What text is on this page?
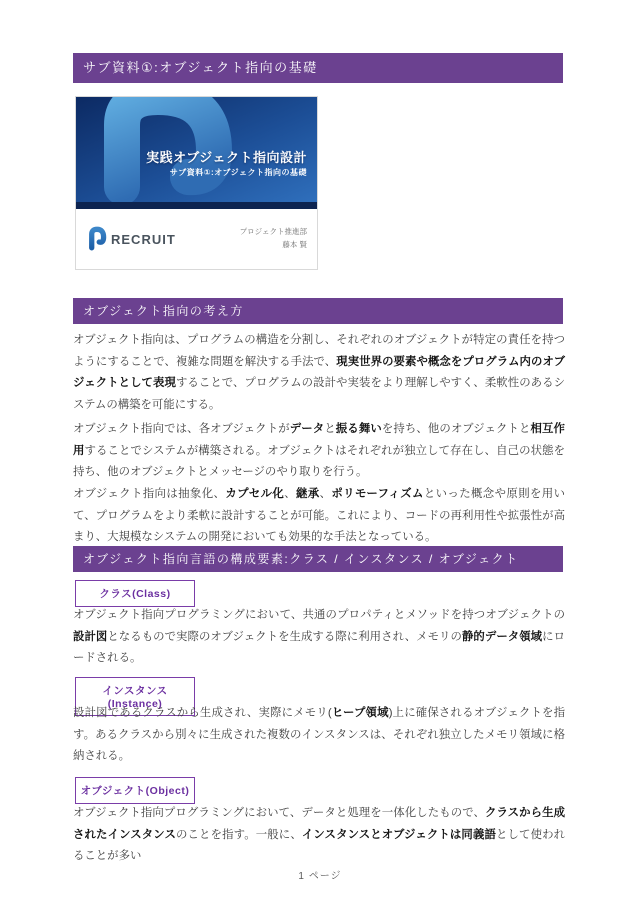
サブ資料①:オブジェクト指向の基礎
実践オブジェクト指向設計
サブ資料①:オブジェクト指向の基礎
RECRUIT	プロジェクト推進部
藤本 賢
オブジェクト指向の考え方
オブジェクト指向は、プログラムの構造を分割し、それぞれのオブジェクトが特定の責任を持つようにすることで、複雑な問題を解決する手法で、現実世界の要素や概念をプログラム内のオブジェクトとして表現することで、プログラムの設計や実装をより理解しやすく、柔軟性のあるシステムの構築を可能にする。
オブジェクト指向では、各オブジェクトがデータと振る舞いを持ち、他のオブジェクトと相互作用することでシステムが構築される。オブジェクトはそれぞれが独立して存在し、自己の状態を持ち、他のオブジェクトとメッセージのやり取りを行う。
オブジェクト指向は抽象化、カプセル化、継承、ポリモーフィズムといった概念や原則を用いて、プログラムをより柔軟に設計することが可能。これにより、コードの再利用性や拡張性が高まり、大規模なシステムの開発においても効果的な手法となっている。
オブジェクト指向言語の構成要素:クラス / インスタンス / オブジェクト
クラス(Class)
オブジェクト指向プログラミングにおいて、共通のプロパティとメソッドを持つオブジェクトの設計図となるもので実際のオブジェクトを生成する際に利用され、メモリの静的データ領域にロードされる。
インスタンス(Instance)
設計図であるクラスから生成され、実際にメモリ(ヒープ領域)上に確保されるオブジェクトを指す。あるクラスから別々に生成された複数のインスタンスは、それぞれ独立したメモリ領域に格納される。
オブジェクト(Object)
オブジェクト指向プログラミングにおいて、データと処理を一体化したもので、クラスから生成されたインスタンスのことを指す。一般に、インスタンスとオブジェクトは同義語として使われることが多い
1 ページ
